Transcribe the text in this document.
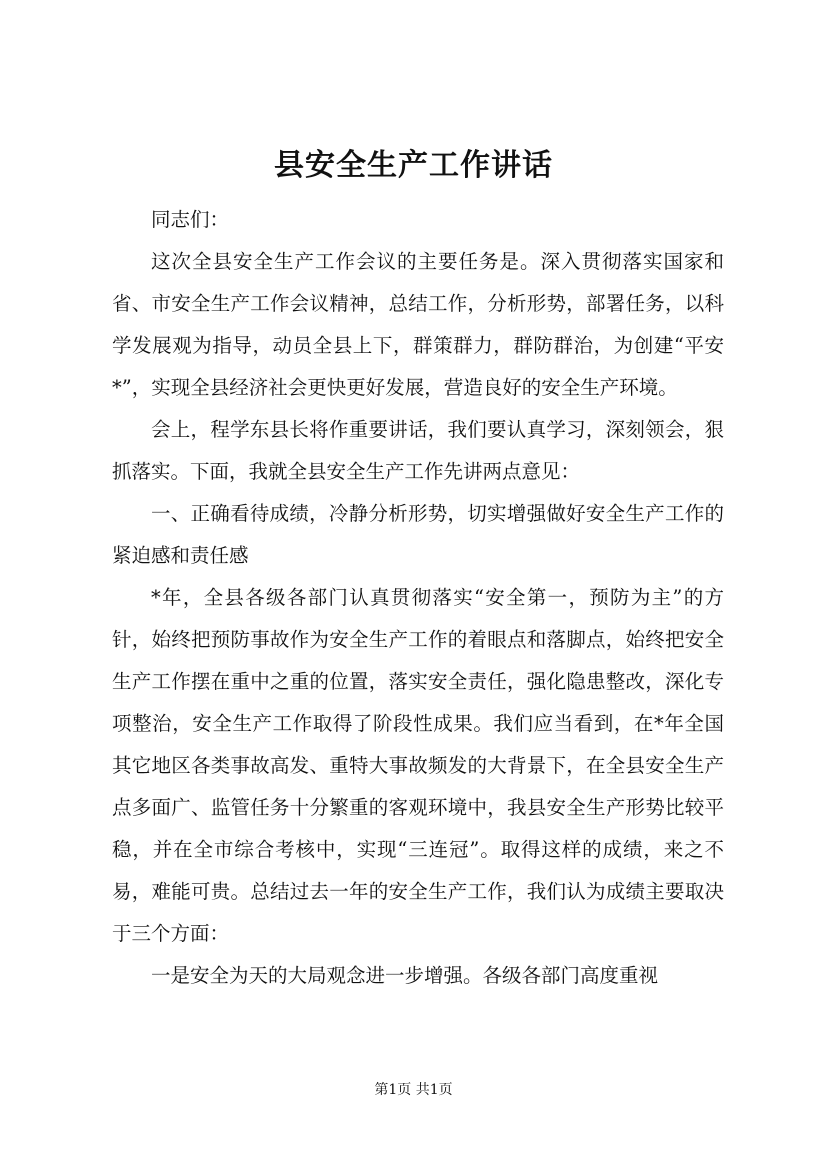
县安全生产工作讲话

同志们：

这次全县安全生产工作会议的主要任务是。深入贯彻落实国家和省、市安全生产工作会议精神，总结工作，分析形势，部署任务，以科学发展观为指导，动员全县上下，群策群力，群防群治，为创建“平安*”，实现全县经济社会更快更好发展，营造良好的安全生产环境。

会上，程学东县长将作重要讲话，我们要认真学习，深刻领会，狠抓落实。下面，我就全县安全生产工作先讲两点意见：

一、正确看待成绩，冷静分析形势，切实增强做好安全生产工作的紧迫感和责任感

*年，全县各级各部门认真贯彻落实“安全第一，预防为主”的方针，始终把预防事故作为安全生产工作的着眼点和落脚点，始终把安全生产工作摆在重中之重的位置，落实安全责任，强化隐患整改，深化专项整治，安全生产工作取得了阶段性成果。我们应当看到，在*年全国其它地区各类事故高发、重特大事故频发的大背景下，在全县安全生产点多面广、监管任务十分繁重的客观环境中，我县安全生产形势比较平稳，并在全市综合考核中，实现“三连冠”。取得这样的成绩，来之不易，难能可贵。总结过去一年的安全生产工作，我们认为成绩主要取决于三个方面：

一是安全为天的大局观念进一步增强。各级各部门高度重视

第1页 共1页
